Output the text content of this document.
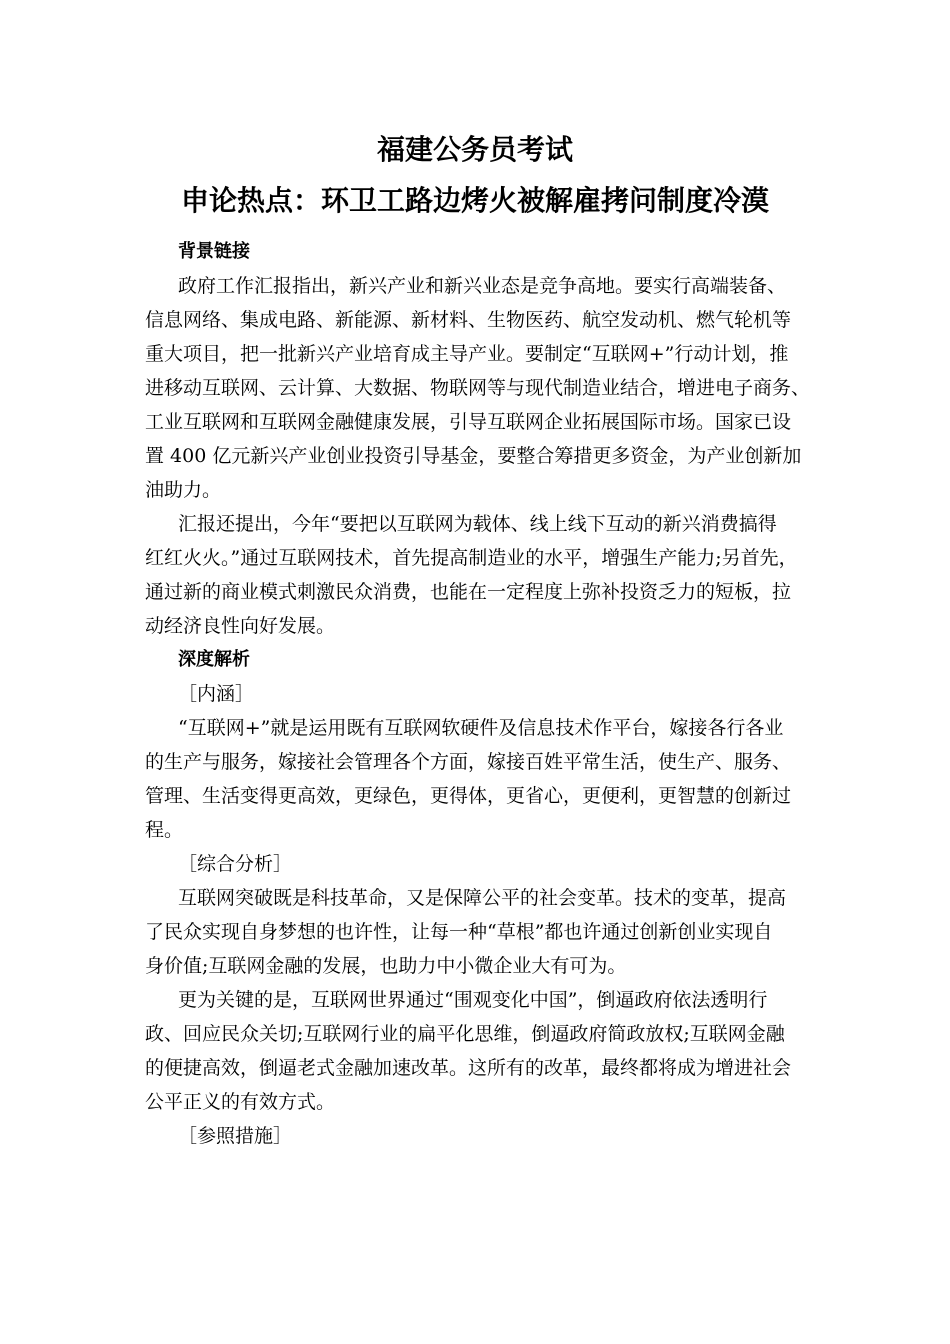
福建公务员考试
申论热点：环卫工路边烤火被解雇拷问制度冷漠
背景链接
政府工作汇报指出，新兴产业和新兴业态是竞争高地。要实行高端装备、
信息网络、集成电路、新能源、新材料、生物医药、航空发动机、燃气轮机等
重大项目，把一批新兴产业培育成主导产业。要制定“互联网+”行动计划，推
进移动互联网、云计算、大数据、物联网等与现代制造业结合，增进电子商务、
工业互联网和互联网金融健康发展，引导互联网企业拓展国际市场。国家已设
置 400 亿元新兴产业创业投资引导基金，要整合筹措更多资金，为产业创新加
油助力。
汇报还提出，今年“要把以互联网为载体、线上线下互动的新兴消费搞得
红红火火。”通过互联网技术，首先提高制造业的水平，增强生产能力;另首先，
通过新的商业模式刺激民众消费，也能在一定程度上弥补投资乏力的短板，拉
动经济良性向好发展。
深度解析
［内涵］
“互联网+”就是运用既有互联网软硬件及信息技术作平台，嫁接各行各业
的生产与服务，嫁接社会管理各个方面，嫁接百姓平常生活，使生产、服务、
管理、生活变得更高效，更绿色，更得体，更省心，更便利，更智慧的创新过
程。
［综合分析］
互联网突破既是科技革命，又是保障公平的社会变革。技术的变革，提高
了民众实现自身梦想的也许性，让每一种“草根”都也许通过创新创业实现自
身价值;互联网金融的发展，也助力中小微企业大有可为。
更为关键的是，互联网世界通过“围观变化中国”，倒逼政府依法透明行
政、回应民众关切;互联网行业的扁平化思维，倒逼政府简政放权;互联网金融
的便捷高效，倒逼老式金融加速改革。这所有的改革，最终都将成为增进社会
公平正义的有效方式。
［参照措施］
